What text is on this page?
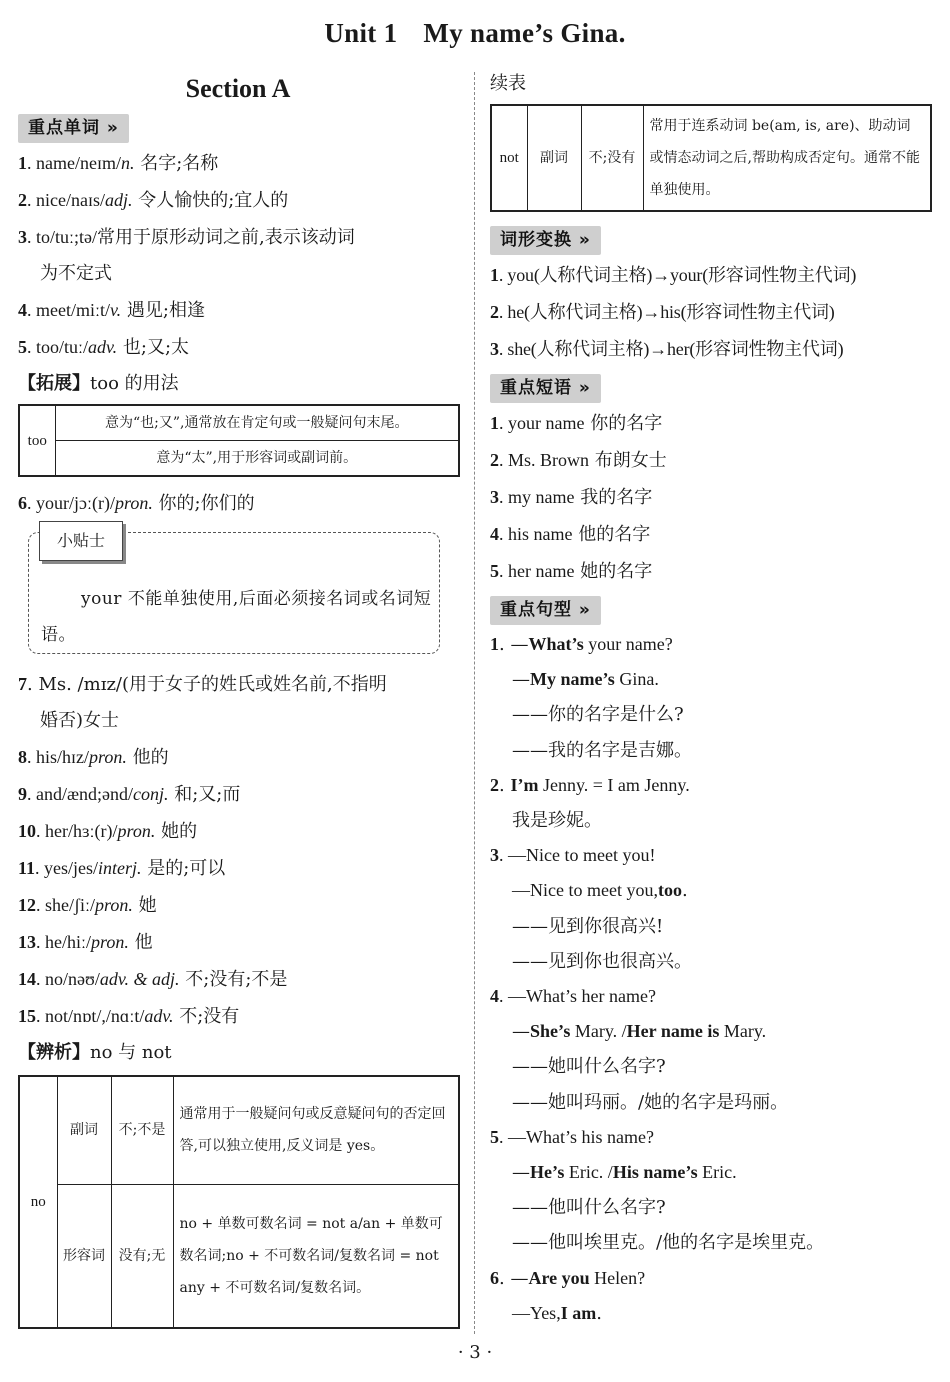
Unit 1 My name’s Gina.
Section A
重点单词 »
1. name/neɪm/n. 名字;名称
2. nice/naɪs/adj. 令人愉快的;宜人的
3. to/tuː;tə/常用于原形动词之前,表示该动词
为不定式
4. meet/miːt/v. 遇见;相逢
5. too/tuː/adv. 也;又;太
【拓展】too 的用法
too	意为“也;又”,通常放在肯定句或一般疑问句末尾。
意为“太”,用于形容词或副词前。
6. your/jɔː(r)/pron. 你的;你们的
小贴士
your 不能单独使用,后面必须接名词或名词短语。
7. Ms. /mɪz/(用于女子的姓氏或姓名前,不指明
婚否)女士
8. his/hɪz/pron. 他的
9. and/ænd;ənd/conj. 和;又;而
10. her/hɜː(r)/pron. 她的
11. yes/jes/interj. 是的;可以
12. she/ʃiː/pron. 她
13. he/hiː/pron. 他
14. no/nəʊ/adv. & adj. 不;没有;不是
15. not/nɒt/,/nɑːt/adv. 不;没有
【辨析】no 与 not
no	副词	不;不是	通常用于一般疑问句或反意疑问句的否定回答,可以独立使用,反义词是 yes。
	形容词	没有;无	no + 单数可数名词 = not a/an + 单数可数名词;no + 不可数名词/复数名词 = not any + 不可数名词/复数名词。
续表
not	副词	不;没有	常用于连系动词 be(am, is, are)、助动词或情态动词之后,帮助构成否定句。通常不能单独使用。
词形变换 »
1. you(人称代词主格)→your(形容词性物主代词)
2. he(人称代词主格)→his(形容词性物主代词)
3. she(人称代词主格)→her(形容词性物主代词)
重点短语 »
1. your name 你的名字
2. Ms. Brown 布朗女士
3. my name 我的名字
4. his name 他的名字
5. her name 她的名字
重点句型 »
1. —What’s your name?
—My name’s Gina.
——你的名字是什么?
——我的名字是吉娜。
2. I’m Jenny. = I am Jenny.
我是珍妮。
3. —Nice to meet you!
—Nice to meet you,too.
——见到你很高兴!
——见到你也很高兴。
4. —What’s her name?
—She’s Mary. /Her name is Mary.
——她叫什么名字?
——她叫玛丽。/她的名字是玛丽。
5. —What’s his name?
—He’s Eric. /His name’s Eric.
——他叫什么名字?
——他叫埃里克。/他的名字是埃里克。
6. —Are you Helen?
—Yes,I am.
· 3 ·
